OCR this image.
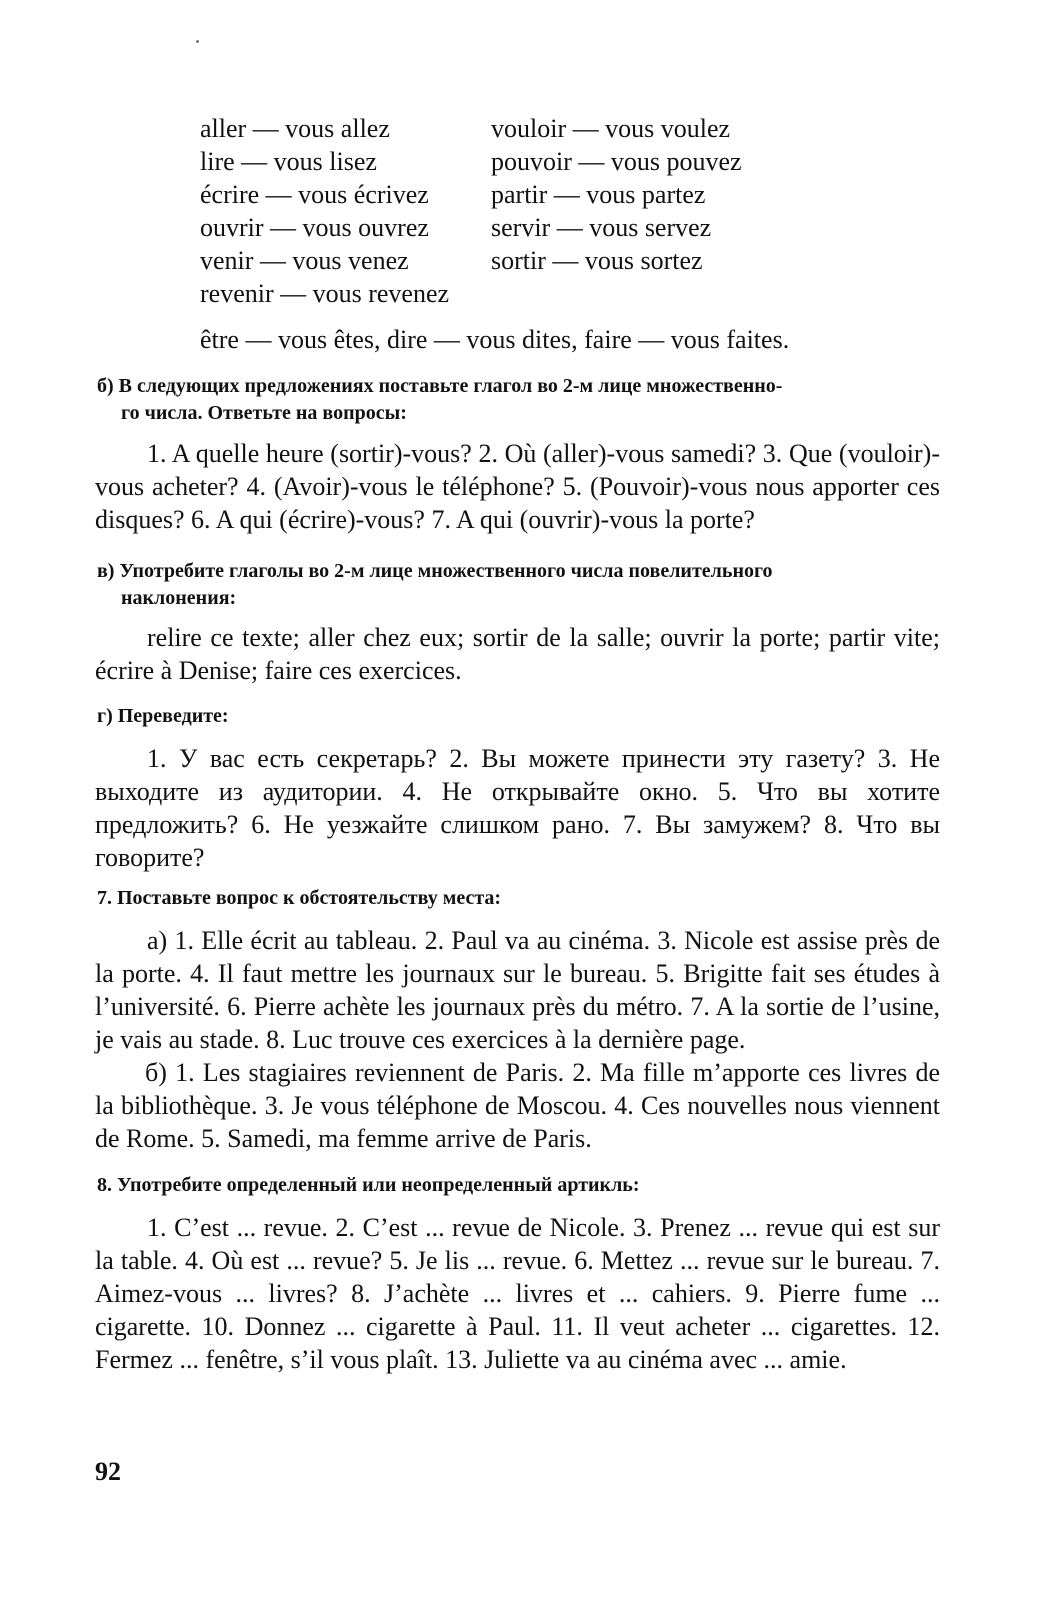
aller — vous allez
lire — vous lisez
écrire — vous écrivez
ouvrir — vous ouvrez
venir — vous venez
revenir — vous revenez
vouloir — vous voulez
pouvoir — vous pouvez
partir — vous partez
servir — vous servez
sortir — vous sortez
être — vous êtes, dire — vous dites, faire — vous faites.
б) В следующих предложениях поставьте глагол во 2-м лице множественно-
го числа. Ответьте на вопросы:
1. A quelle heure (sortir)-vous? 2. Où (aller)-vous samedi? 3. Que (vouloir)-vous acheter? 4. (Avoir)-vous le téléphone? 5. (Pouvoir)-vous nous apporter ces disques? 6. A qui (écrire)-vous? 7. A qui (ouvrir)-vous la porte?
в) Употребите глаголы во 2-м лице множественного числа повелительного
наклонения:
relire ce texte; aller chez eux; sortir de la salle; ouvrir la porte; partir vite; écrire à Denise; faire ces exercices.
г) Переведите:
1. У вас есть секретарь? 2. Вы можете принести эту газету? 3. Не выходите из аудитории. 4. Не открывайте окно. 5. Что вы хотите предложить? 6. Не уезжайте слишком рано. 7. Вы замужем? 8. Что вы говорите?
7. Поставьте вопрос к обстоятельству места:
а) 1. Elle écrit au tableau. 2. Paul va au cinéma. 3. Nicole est assise près de la porte. 4. Il faut mettre les journaux sur le bureau. 5. Brigitte fait ses études à l’université. 6. Pierre achète les journaux près du métro. 7. A la sortie de l’usine, je vais au stade. 8. Luc trouve ces exercices à la dernière page.
б) 1. Les stagiaires reviennent de Paris. 2. Ma fille m’apporte ces livres de la bibliothèque. 3. Je vous téléphone de Moscou. 4. Ces nouvelles nous viennent de Rome. 5. Samedi, ma femme arrive de Paris.
8. Употребите определенный или неопределенный артикль:
1. C’est ... revue. 2. C’est ... revue de Nicole. 3. Prenez ... revue qui est sur la table. 4. Où est ... revue? 5. Je lis ... revue. 6. Mettez ... revue sur le bureau. 7. Aimez-vous ... livres? 8. J’achète ... livres et ... cahiers. 9. Pierre fume ... cigarette. 10. Donnez ... cigarette à Paul. 11. Il veut acheter ... cigarettes. 12. Fermez ... fenêtre, s’il vous plaît. 13. Juliette va au cinéma avec ... amie.
92
